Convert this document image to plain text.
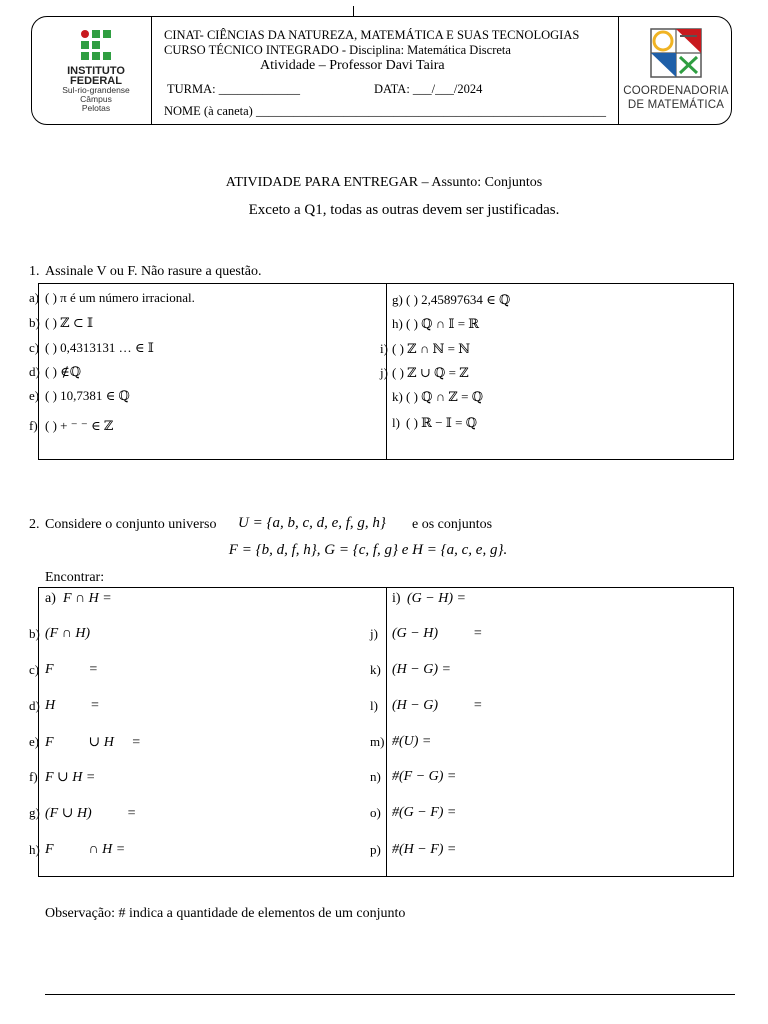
INSTITUTO
FEDERAL
Sul-rio-grandense
Câmpus
Pelotas
CINAT- CIÊNCIAS DA NATUREZA, MATEMÁTICA E SUAS TECNOLOGIAS
CURSO TÉCNICO INTEGRADO - Disciplina: Matemática Discreta
Atividade – Professor Davi Taira
TURMA: _____________	DATA: ___/___/2024
NOME (à caneta) ________________________________________________________
COORDENADORIA
DE MATEMÁTICA
ATIVIDADE PARA ENTREGAR – Assunto: Conjuntos
Exceto a Q1, todas as outras devem ser justificadas.
1. Assinale V ou F. Não rasure a questão.
a) ( ) π é um número irracional.
b) ( ) ℤ ⊂ 𝕀
c) ( ) 0,4313131 … ∈ 𝕀
d) ( ) ∉ℚ
e) ( ) 10,7381 ∈ ℚ
f) ( ) + ⁻ ⁻ ∈ ℤ
g) ( ) 2,45897634 ∈ ℚ
h) ( ) ℚ ∩ 𝕀 = ℝ
i) ( ) ℤ ∩ ℕ = ℕ
j) ( ) ℤ ∪ ℚ = ℤ
k) ( ) ℚ ∩ ℤ = ℚ
l) ( ) ℝ − 𝕀 = ℚ
2. Considere o conjunto universo U = {a, b, c, d, e, f, g, h} e os conjuntos
F = {b, d, f, h}, G = {c, f, g} e H = {a, c, e, g}.
Encontrar:
a) F ∩ H =
b) (F ∩ H)
c) F          =
d) H          =
e) F          ∪ H     =
f) F ∪ H =
g) (F ∪ H)          =
h) F          ∩ H =
i) (G − H) =
j) (G − H)          =
k) (H − G) =
l) (H − G)          =
m) #(U) =
n) #(F − G) =
o) #(G − F) =
p) #(H − F) =
Observação: # indica a quantidade de elementos de um conjunto
